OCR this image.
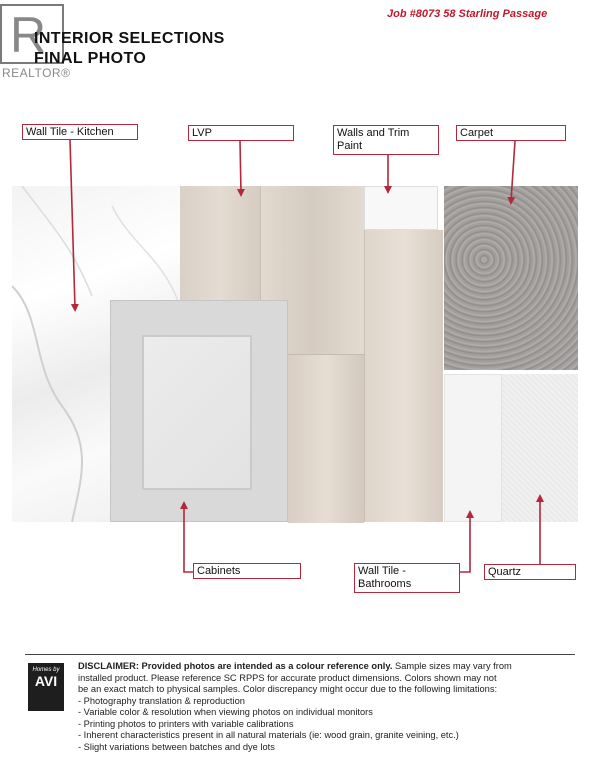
R
REALTOR®
INTERIOR SELECTIONS
FINAL PHOTO
Job #8073 58 Starling Passage
Wall Tile - Kitchen	LVP	Walls and Trim
Paint
Carpet
Cabinets	Wall Tile -
Bathrooms
Quartz
Homes by
AVI
DISCLAIMER: Provided photos are intended as a colour reference only. Sample sizes may vary from
installed product. Please reference SC RPPS for accurate product dimensions. Colors shown may not
be an exact match to physical samples. Color discrepancy might occur due to the following limitations:
- Photography translation & reproduction
- Variable color & resolution when viewing photos on individual monitors
- Printing photos to printers with variable calibrations
- Inherent characteristics present in all natural materials (ie: wood grain, granite veining, etc.)
- Slight variations between batches and dye lots
